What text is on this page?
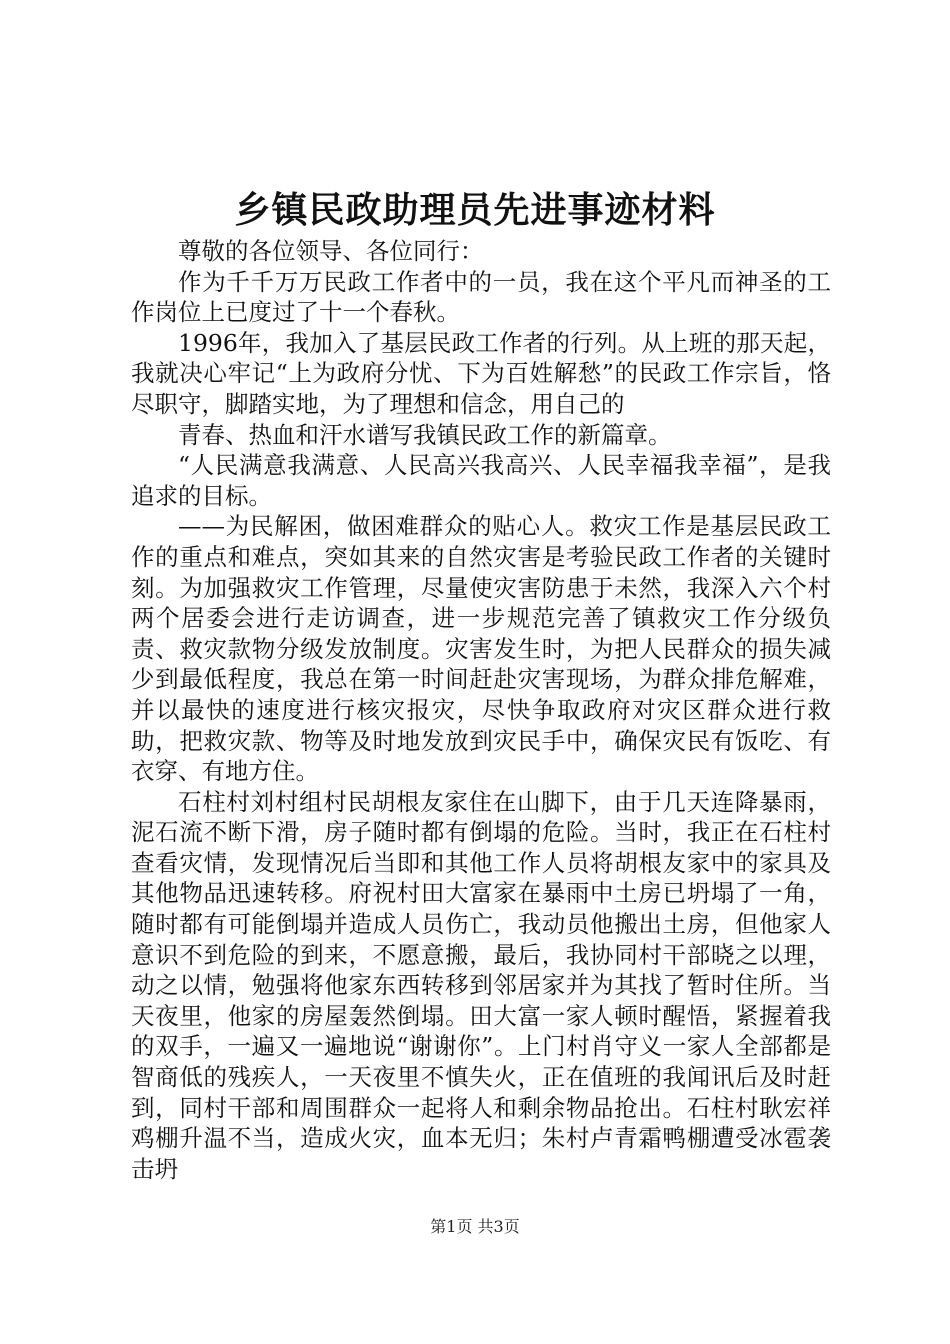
乡镇民政助理员先进事迹材料

尊敬的各位领导、各位同行：

作为千千万万民政工作者中的一员，我在这个平凡而神圣的工作岗位上已度过了十一个春秋。

1996年，我加入了基层民政工作者的行列。从上班的那天起，我就决心牢记“上为政府分忧、下为百姓解愁”的民政工作宗旨，恪尽职守，脚踏实地，为了理想和信念，用自己的

青春、热血和汗水谱写我镇民政工作的新篇章。

“人民满意我满意、人民高兴我高兴、人民幸福我幸福”，是我追求的目标。

——为民解困，做困难群众的贴心人。救灾工作是基层民政工作的重点和难点，突如其来的自然灾害是考验民政工作者的关键时刻。为加强救灾工作管理，尽量使灾害防患于未然，我深入六个村两个居委会进行走访调查，进一步规范完善了镇救灾工作分级负责、救灾款物分级发放制度。灾害发生时，为把人民群众的损失减少到最低程度，我总在第一时间赶赴灾害现场，为群众排危解难，并以最快的速度进行核灾报灾，尽快争取政府对灾区群众进行救助，把救灾款、物等及时地发放到灾民手中，确保灾民有饭吃、有衣穿、有地方住。

石柱村刘村组村民胡根友家住在山脚下，由于几天连降暴雨，泥石流不断下滑，房子随时都有倒塌的危险。当时，我正在石柱村查看灾情，发现情况后当即和其他工作人员将胡根友家中的家具及其他物品迅速转移。府祝村田大富家在暴雨中土房已坍塌了一角，随时都有可能倒塌并造成人员伤亡，我动员他搬出土房，但他家人意识不到危险的到来，不愿意搬，最后，我协同村干部晓之以理，动之以情，勉强将他家东西转移到邻居家并为其找了暂时住所。当天夜里，他家的房屋轰然倒塌。田大富一家人顿时醒悟，紧握着我的双手，一遍又一遍地说“谢谢你”。上门村肖守义一家人全部都是智商低的残疾人，一天夜里不慎失火，正在值班的我闻讯后及时赶到，同村干部和周围群众一起将人和剩余物品抢出。石柱村耿宏祥鸡棚升温不当，造成火灾，血本无归；朱村卢青霜鸭棚遭受冰雹袭击坍

第1页 共3页
